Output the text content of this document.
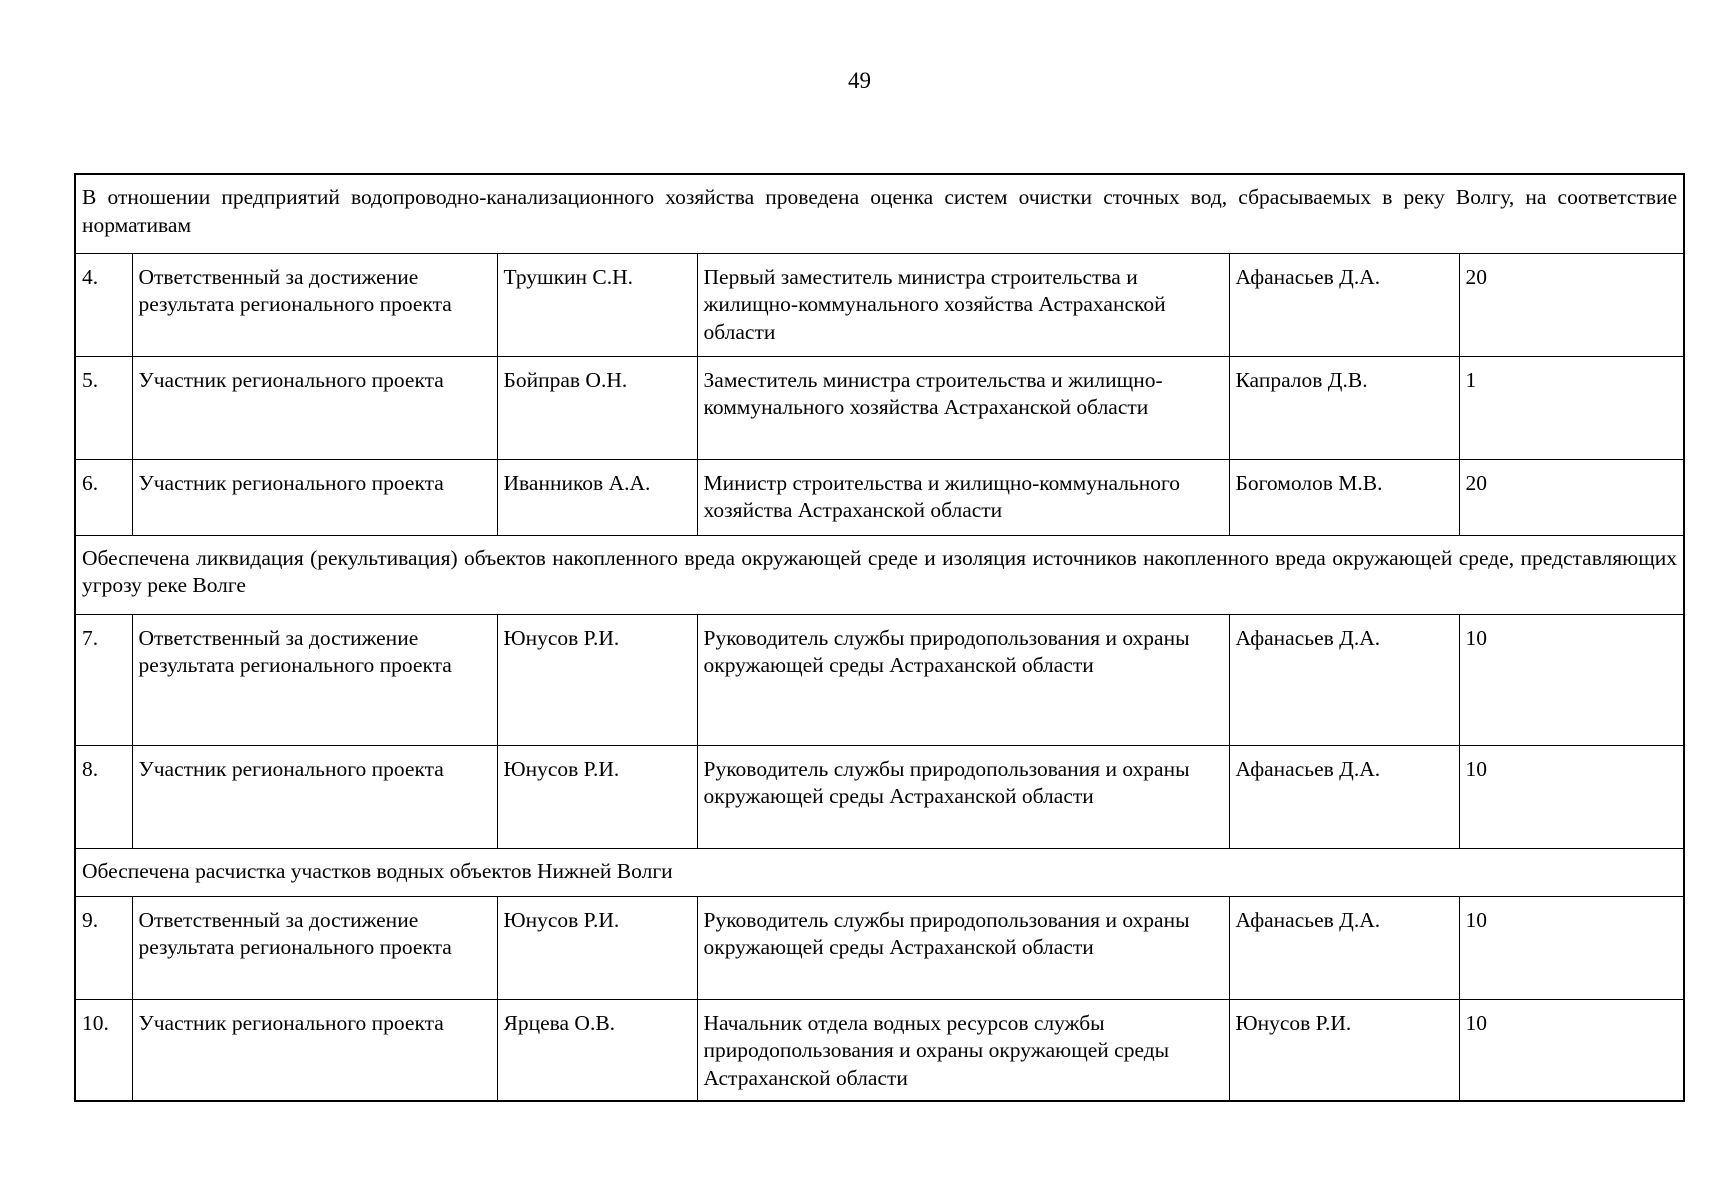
49
В отношении предприятий водопроводно-канализационного хозяйства проведена оценка систем очистки сточных вод, сбрасываемых в реку Волгу, на соответствие нормативам					
4.	Ответственный за достижение результата регионального проекта	Трушкин С.Н.	Первый заместитель министра строительства и жилищно-коммунального хозяйства Астраханской области	Афанасьев Д.А.	20
5.	Участник регионального проекта	Бойправ О.Н.	Заместитель министра строительства и жилищно-коммунального хозяйства Астраханской области	Капралов Д.В.	1
6.	Участник регионального проекта	Иванников А.А.	Министр строительства и жилищно-коммунального хозяйства Астраханской области	Богомолов М.В.	20
Обеспечена ликвидация (рекультивация) объектов накопленного вреда окружающей среде и изоляция источников накопленного вреда окружающей среде, представляющих угрозу реке Волге					
7.	Ответственный за достижение результата регионального проекта	Юнусов Р.И.	Руководитель службы природопользования и охраны окружающей среды Астраханской области	Афанасьев Д.А.	10
8.	Участник регионального проекта	Юнусов Р.И.	Руководитель службы природопользования и охраны окружающей среды Астраханской области	Афанасьев Д.А.	10
Обеспечена расчистка участков водных объектов Нижней Волги					
9.	Ответственный за достижение результата регионального проекта	Юнусов Р.И.	Руководитель службы природопользования и охраны окружающей среды Астраханской области	Афанасьев Д.А.	10
10.	Участник регионального проекта	Ярцева О.В.	Начальник отдела водных ресурсов службы природопользования и охраны окружающей среды Астраханской области	Юнусов Р.И.	10
